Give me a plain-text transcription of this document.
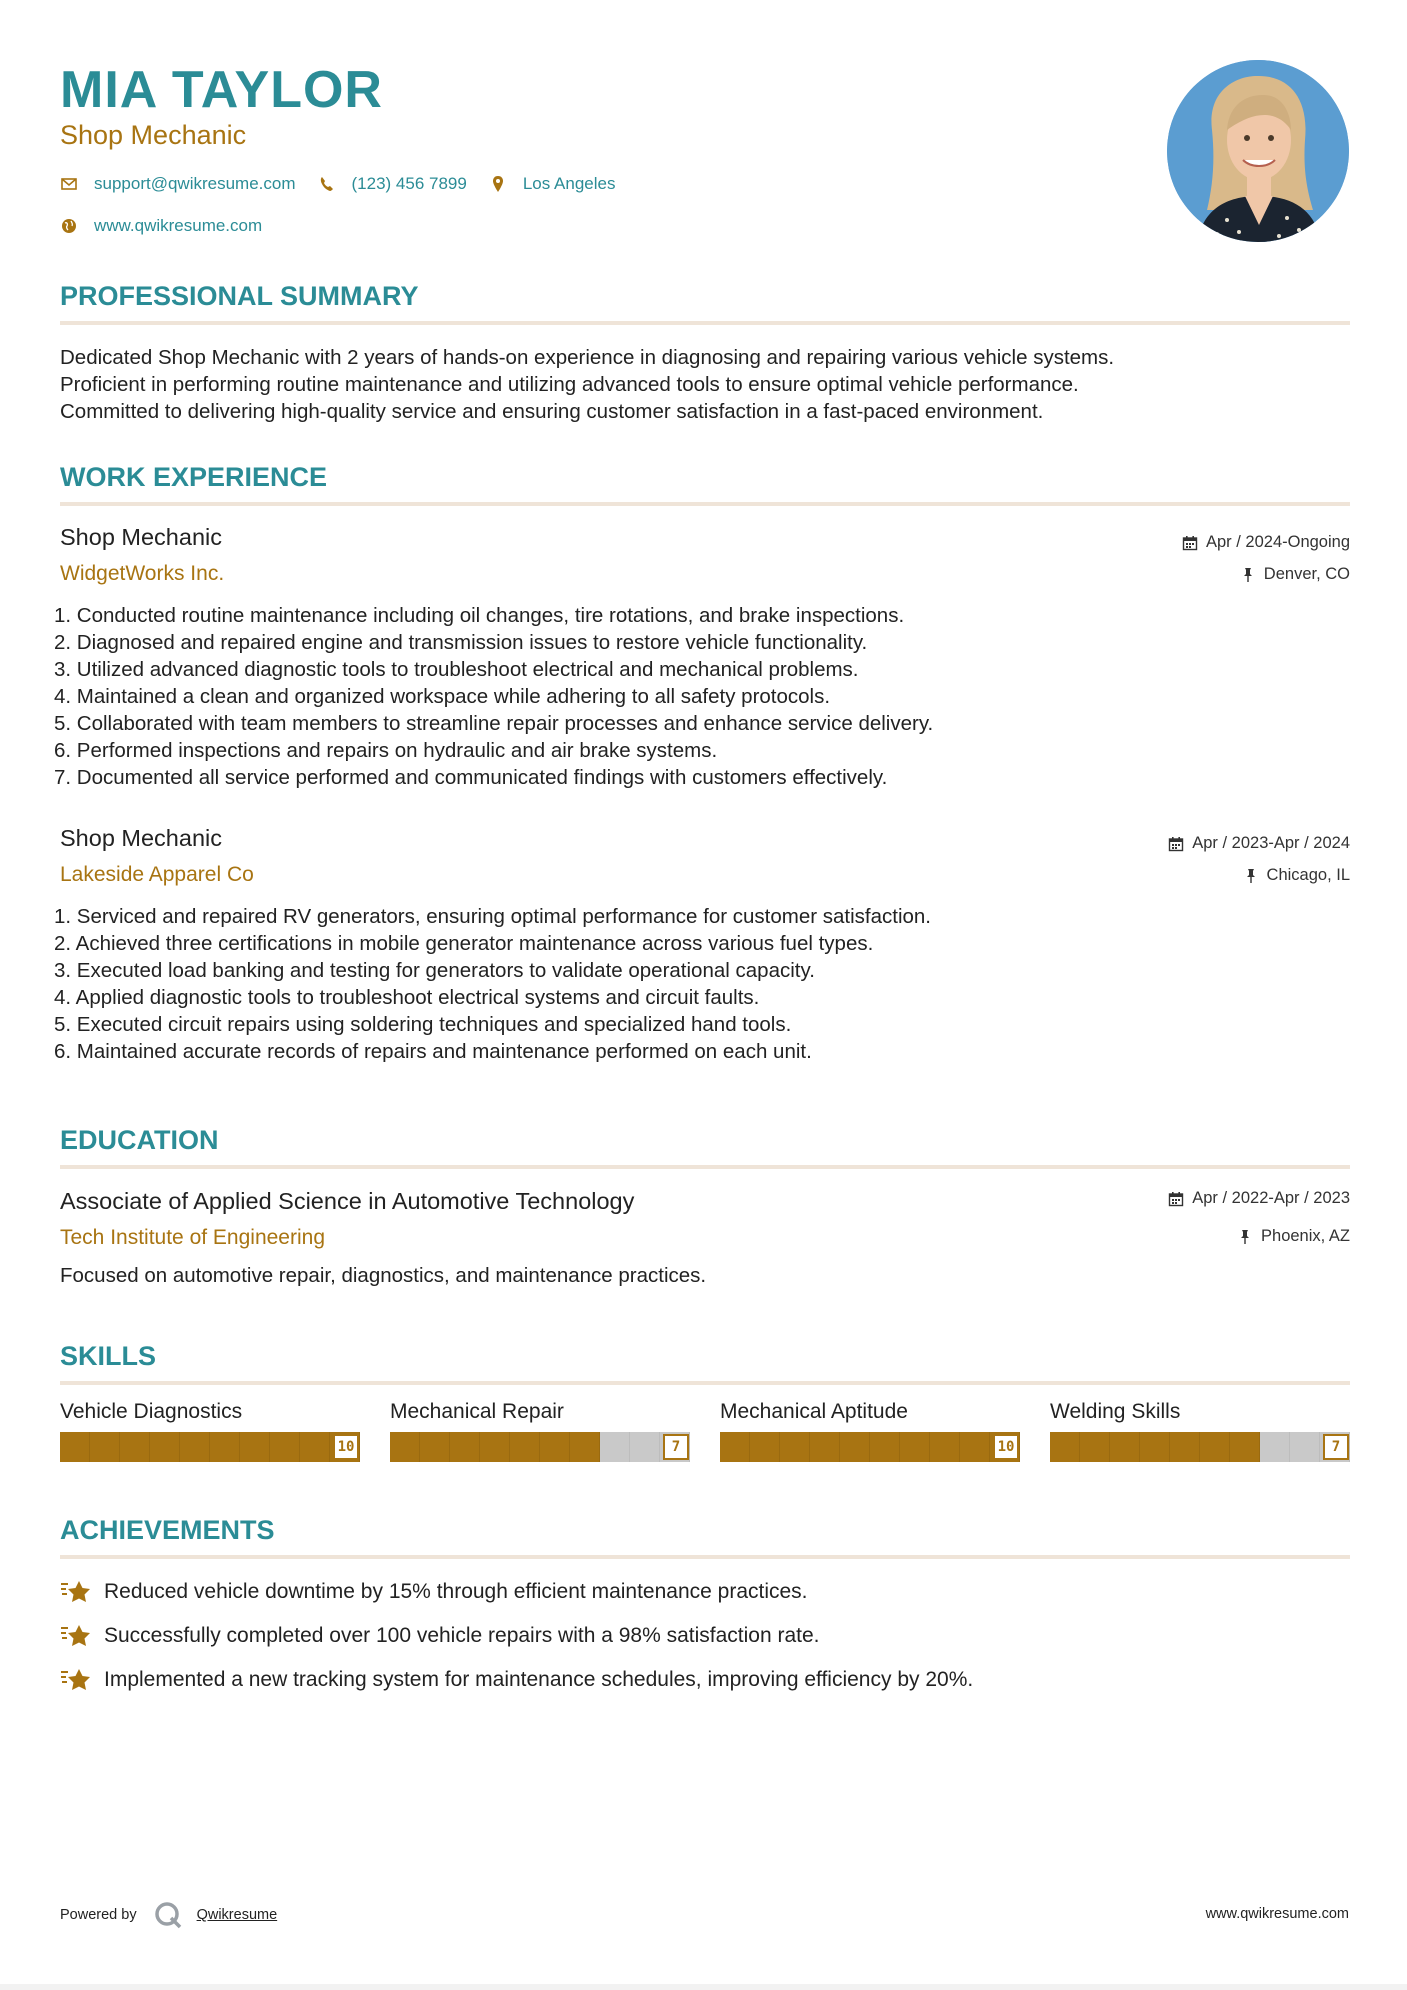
MIA TAYLOR
Shop Mechanic
support@qwikresume.com	(123) 456 7899	Los Angeles
www.qwikresume.com
PROFESSIONAL SUMMARY
Dedicated Shop Mechanic with 2 years of hands-on experience in diagnosing and repairing various vehicle systems.
Proficient in performing routine maintenance and utilizing advanced tools to ensure optimal vehicle performance.
Committed to delivering high-quality service and ensuring customer satisfaction in a fast-paced environment.
WORK EXPERIENCE
Shop Mechanic
WidgetWorks Inc.
Apr / 2024-Ongoing
Denver, CO
1. Conducted routine maintenance including oil changes, tire rotations, and brake inspections.
2. Diagnosed and repaired engine and transmission issues to restore vehicle functionality.
3. Utilized advanced diagnostic tools to troubleshoot electrical and mechanical problems.
4. Maintained a clean and organized workspace while adhering to all safety protocols.
5. Collaborated with team members to streamline repair processes and enhance service delivery.
6. Performed inspections and repairs on hydraulic and air brake systems.
7. Documented all service performed and communicated findings with customers effectively.
Shop Mechanic
Lakeside Apparel Co
Apr / 2023-Apr / 2024
Chicago, IL
1. Serviced and repaired RV generators, ensuring optimal performance for customer satisfaction.
2. Achieved three certifications in mobile generator maintenance across various fuel types.
3. Executed load banking and testing for generators to validate operational capacity.
4. Applied diagnostic tools to troubleshoot electrical systems and circuit faults.
5. Executed circuit repairs using soldering techniques and specialized hand tools.
6. Maintained accurate records of repairs and maintenance performed on each unit.
EDUCATION
Associate of Applied Science in Automotive Technology
Tech Institute of Engineering
Apr / 2022-Apr / 2023
Phoenix, AZ
Focused on automotive repair, diagnostics, and maintenance practices.
SKILLS
Vehicle Diagnostics
10
Mechanical Repair
7
Mechanical Aptitude
10
Welding Skills
7
ACHIEVEMENTS
Reduced vehicle downtime by 15% through efficient maintenance practices.
Successfully completed over 100 vehicle repairs with a 98% satisfaction rate.
Implemented a new tracking system for maintenance schedules, improving efficiency by 20%.
Powered by	Qwikresume	www.qwikresume.com
